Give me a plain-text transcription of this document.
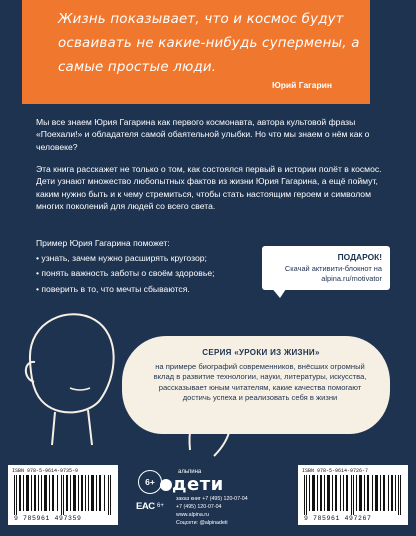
Жизнь показывает, что и космос будут осваивать не какие-нибудь супермены, а самые простые люди.
Юрий Гагарин
Мы все знаем Юрия Гагарина как первого космонавта, автора культовой фразы «Поехали!» и обладателя самой обаятельной улыбки. Но что мы знаем о нём как о человеке?
Эта книга расскажет не только о том, как состоялся первый в истории полёт в космос. Дети узнают множество любопытных фактов из жизни Юрия Гагарина, а ещё поймут, каким нужно быть и к чему стремиться, чтобы стать настоящим героем и символом многих поколений для людей со всего света.
Пример Юрия Гагарина поможет:
• узнать, зачем нужно расширять кругозор;
• понять важность заботы о своём здоровье;
• поверить в то, что мечты сбываются.
ПОДАРОК!
Скачай активити-блокнот на alpina.ru/motivator
СЕРИЯ «УРОКИ ИЗ ЖИЗНИ»
на примере биографий современников, внёсших огромный вклад в развитие технологии, науки, литературы, искусства, рассказывает юным читателям, какие качества помогают достичь успеха и реализовать себя в жизни
ISBN 978-5-9614-9735-9
9 785961 497359
6+
альпина
дети
EAC 6+
заказ книг +7 (495) 120-07-04
+7 (495) 120-07-04
www.alpina.ru
Соцсети: @alpinadeti
ISBN 978-5-9614-9726-7
9 785961 497267
